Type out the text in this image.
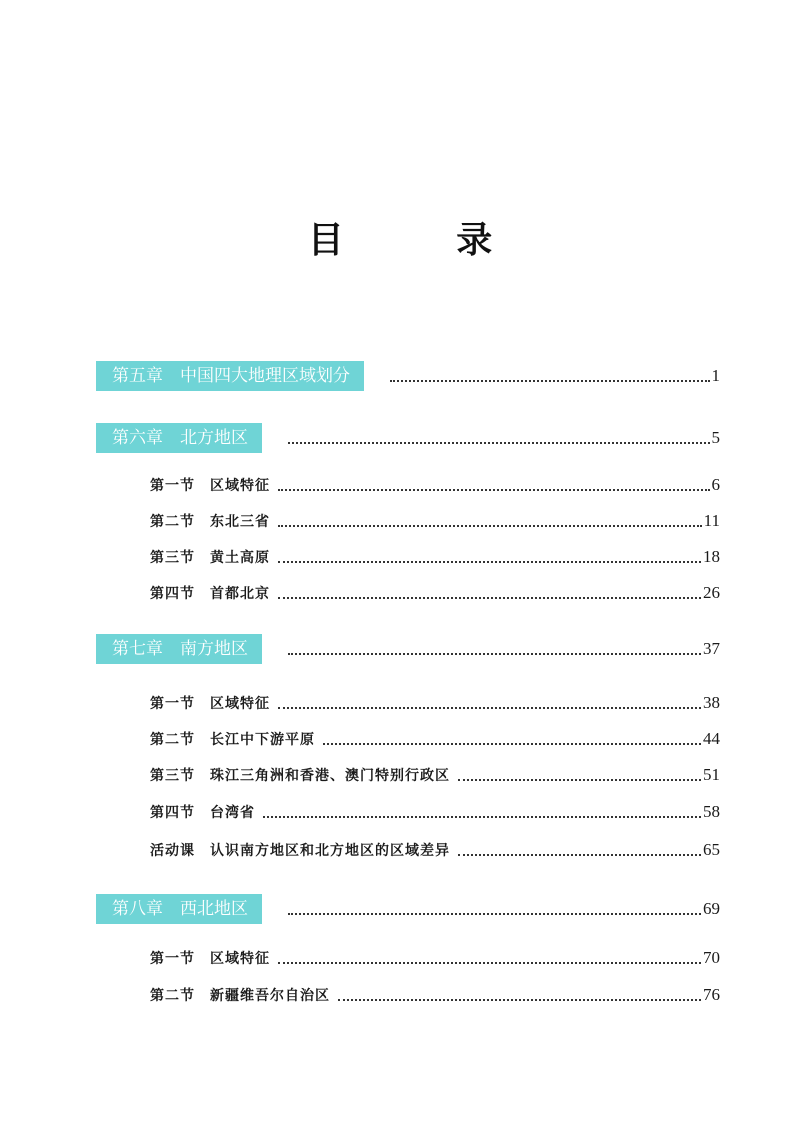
目 录
第五章　中国四大地理区域划分	1
第六章　北方地区	5
第一节　区域特征	6
第二节　东北三省	11
第三节　黄土高原	18
第四节　首都北京	26
第七章　南方地区	37
第一节　区域特征	38
第二节　长江中下游平原	44
第三节　珠江三角洲和香港、澳门特别行政区	51
第四节　台湾省	58
活动课　认识南方地区和北方地区的区域差异	65
第八章　西北地区	69
第一节　区域特征	70
第二节　新疆维吾尔自治区	76
